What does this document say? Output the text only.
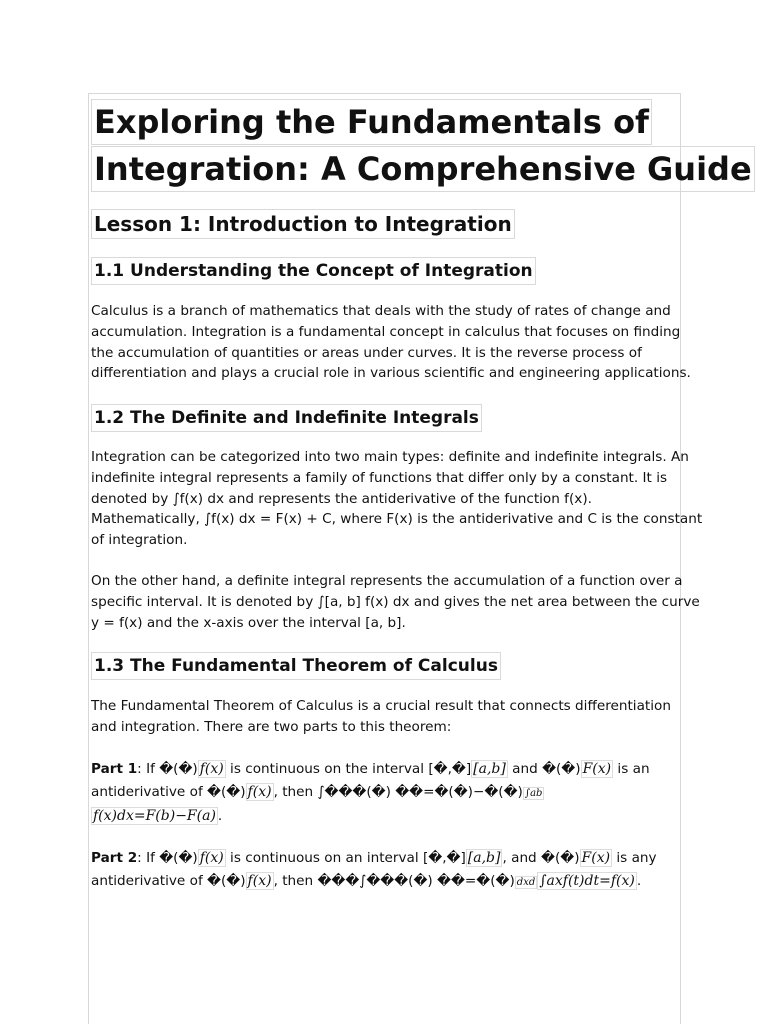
Exploring the Fundamentals of
Integration: A Comprehensive Guide
Lesson 1: Introduction to Integration
1.1 Understanding the Concept of Integration
Calculus is a branch of mathematics that deals with the study of rates of change and
accumulation. Integration is a fundamental concept in calculus that focuses on finding
the accumulation of quantities or areas under curves. It is the reverse process of
differentiation and plays a crucial role in various scientific and engineering applications.
1.2 The Definite and Indefinite Integrals
Integration can be categorized into two main types: definite and indefinite integrals. An
indefinite integral represents a family of functions that differ only by a constant. It is
denoted by ∫f(x) dx and represents the antiderivative of the function f(x).
Mathematically, ∫f(x) dx = F(x) + C, where F(x) is the antiderivative and C is the constant
of integration.
On the other hand, a definite integral represents the accumulation of a function over a
specific interval. It is denoted by ∫[a, b] f(x) dx and gives the net area between the curve
y = f(x) and the x-axis over the interval [a, b].
1.3 The Fundamental Theorem of Calculus
The Fundamental Theorem of Calculus is a crucial result that connects differentiation
and integration. There are two parts to this theorem:
Part 1: If �(�) f(x) is continuous on the interval [�,�] [a,b] and �(�) F(x) is an
antiderivative of �(�) f(x) , then ∫���(�) ��=�(�)−�(�) ∫ab
f(x)dx=F(b)−F(a) .
Part 2: If �(�) f(x) is continuous on an interval [�,�] [a,b] , and �(�) F(x) is any
antiderivative of �(�) f(x) , then ���∫���(�) ��=�(�) dxd ∫axf(t)dt=f(x) .
